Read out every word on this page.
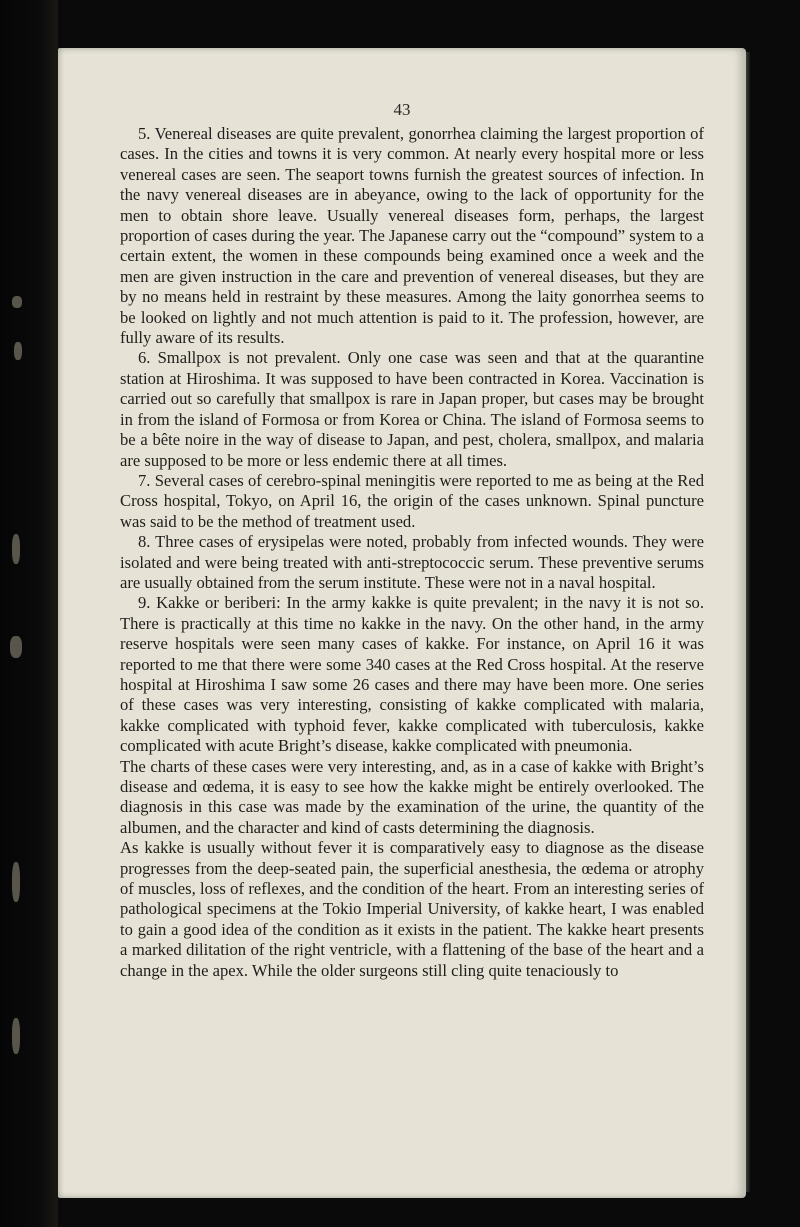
43

5. Venereal diseases are quite prevalent, gonorrhea claiming the largest proportion of cases. In the cities and towns it is very common. At nearly every hospital more or less venereal cases are seen. The seaport towns furnish the greatest sources of infection. In the navy venereal diseases are in abeyance, owing to the lack of opportunity for the men to obtain shore leave. Usually venereal diseases form, perhaps, the largest proportion of cases during the year. The Japanese carry out the “compound” system to a certain extent, the women in these compounds being examined once a week and the men are given instruction in the care and prevention of venereal diseases, but they are by no means held in restraint by these measures. Among the laity gonorrhea seems to be looked on lightly and not much attention is paid to it. The profession, however, are fully aware of its results.

6. Smallpox is not prevalent. Only one case was seen and that at the quarantine station at Hiroshima. It was supposed to have been contracted in Korea. Vaccination is carried out so carefully that smallpox is rare in Japan proper, but cases may be brought in from the island of Formosa or from Korea or China. The island of Formosa seems to be a bête noire in the way of disease to Japan, and pest, cholera, smallpox, and malaria are supposed to be more or less endemic there at all times.

7. Several cases of cerebro-spinal meningitis were reported to me as being at the Red Cross hospital, Tokyo, on April 16, the origin of the cases unknown. Spinal puncture was said to be the method of treatment used.

8. Three cases of erysipelas were noted, probably from infected wounds. They were isolated and were being treated with anti-streptococcic serum. These preventive serums are usually obtained from the serum institute. These were not in a naval hospital.

9. Kakke or beriberi: In the army kakke is quite prevalent; in the navy it is not so. There is practically at this time no kakke in the navy. On the other hand, in the army reserve hospitals were seen many cases of kakke. For instance, on April 16 it was reported to me that there were some 340 cases at the Red Cross hospital. At the reserve hospital at Hiroshima I saw some 26 cases and there may have been more. One series of these cases was very interesting, consisting of kakke complicated with malaria, kakke complicated with typhoid fever, kakke complicated with tuberculosis, kakke complicated with acute Bright’s disease, kakke complicated with pneumonia.

The charts of these cases were very interesting, and, as in a case of kakke with Bright’s disease and œdema, it is easy to see how the kakke might be entirely overlooked. The diagnosis in this case was made by the examination of the urine, the quantity of the albumen, and the character and kind of casts determining the diagnosis.

As kakke is usually without fever it is comparatively easy to diagnose as the disease progresses from the deep-seated pain, the superficial anesthesia, the œdema or atrophy of muscles, loss of reflexes, and the condition of the heart. From an interesting series of pathological specimens at the Tokio Imperial University, of kakke heart, I was enabled to gain a good idea of the condition as it exists in the patient. The kakke heart presents a marked dilitation of the right ventricle, with a flattening of the base of the heart and a change in the apex. While the older surgeons still cling quite tenaciously to
